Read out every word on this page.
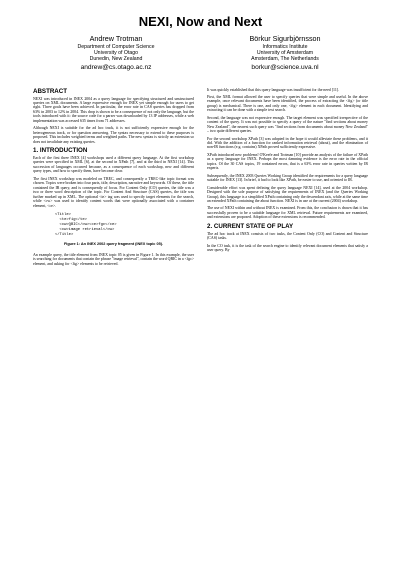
NEXI, Now and Next
Andrew Trotman
Department of Computer Science
University of Otago
Dunedin, New Zealand
andrew@cs.otago.ac.nz
Börkur Sigurbjörnsson
Informatics Institute
University of Amsterdam
Amsterdam, The Netherlands
borkur@science.uva.nl
ABSTRACT

NEXI was introduced in INEX 2004 as a query language for specifying structured and unstructured queries on XML documents. A large expressive enough for INEX yet simple enough for users to get right. Three goals have been achieved. In particular, the error rate in CAS queries has dropped from 63% in 2003 to 12% in 2004. This drop is shown to be a consequence of not only the language, but the tools introduced with it: the source code for a parser was downloaded by 13 IP addresses, while a web implementation was accessed 635 times from 71 addresses.

Although NEXI is suitable for the ad hoc track, it is not sufficiently expressive enough for the heterogeneous track, or for question answering. The syntax necessary to extend to these purposes is proposed. This includes weighted terms and weighted paths. The new syntax is strictly an extension so does not invalidate any existing queries.

1. INTRODUCTION

Each of the first three INEX [4] workshops used a different query language. At the first workshop queries were specified in XML [6], at the second in XPath [7], and at the third in NEXI [14]. This succession of languages occurred because, as a consequence of each workshop, new and different query types, and how to specify them, have become clear.

The first INEX workshop was modeled on TREC, and consequently a TREC-like topic format was chosen. Topics were broken into four parts, title, description, narrative and keywords. Of these, the title contained the IR query, and is consequently of focus. For Content Only (CO) queries, the title was a two or three word description of the topic. For Content And Structure (CAS) queries, the title was further marked up in XML. The optional <te> tag was used to specify target elements for the search, while <cw> was used to identify content words that were optionally associated with a container element, <ce>.

<Title>
<te>fig</te>
<cw>QBIC</cw><ce>fgc</ce>
<cw>image retrieval</cw>
</Title>
Figure 1: An INEX 2002 query fragment (INEX topic 05).

An example query, the title element from INEX topic 05 is given in Figure 1. In this example, the user is searching for documents that contain the phrase "image retrieval", contain the word QBIC in a <fgc> element, and asking for <fig> elements to be retrieved.

It was quickly established that this query language was insufficient for the need [11].

First, the XML format allowed the user to specify queries that were simple and useful. In the above example, once relevant documents have been identified, the process of extracting the <fig> (or title group) is mechanical. There is one, and only one, <fig> element in each document. Identifying and extracting it can be done with a simple text search.

Second, the language was not expressive enough. The target element was specified irrespective of the content of the query. It was not possible to specify a query of the nature "find sections about money New Zealand", the nearest such query was "find sections from documents about money New Zealand" – two quite different queries.

For the second workshop XPath [3] was adopted in the hope it would alleviate these problems, and it did. With the addition of a function for ranked information retrieval (about), and the elimination of non-IR functions (e.g. contains) XPath proved sufficiently expressive.

XPath introduced new problems! O'Keefe and Trotman [10] provide an analysis of the failure of XPath as a query language for INEX. Perhaps the most damning evidence is the error rate in the official topics. Of the 30 CAS topics, 19 contained errors, that is a 63% error rate in queries written by IR experts.

Subsequently, the INEX 2003 Queries Working Group identified the requirements for a query language suitable for INEX [13]. In brief, it had to look like XPath, be easier to use, and oriented to IR.

Considerable effort was spent defining the query language NEXI [14], used at the 2004 workshop. Designed with the sole purpose of satisfying the requirements of INEX (and the Queries Working Group), this language is a simplified XPath containing only the descendant axis, while at the same time an extended XPath containing the about function. NEXI is in use at the current (2004) workshop.

The use of NEXI within and without INEX is examined. From this, the conclusion is drawn that it has successfully proven to be a suitable language for XML retrieval. Future requirements are examined, and extensions are proposed. Adoption of these extensions is recommended.

2. CURRENT STATE OF PLAY

The ad hoc track at INEX consists of two tasks, the Content Only (CO) and Content and Structure (CAS) tasks.

In the CO task, it is the task of the search engine to identify relevant document elements that satisfy a user query. By
